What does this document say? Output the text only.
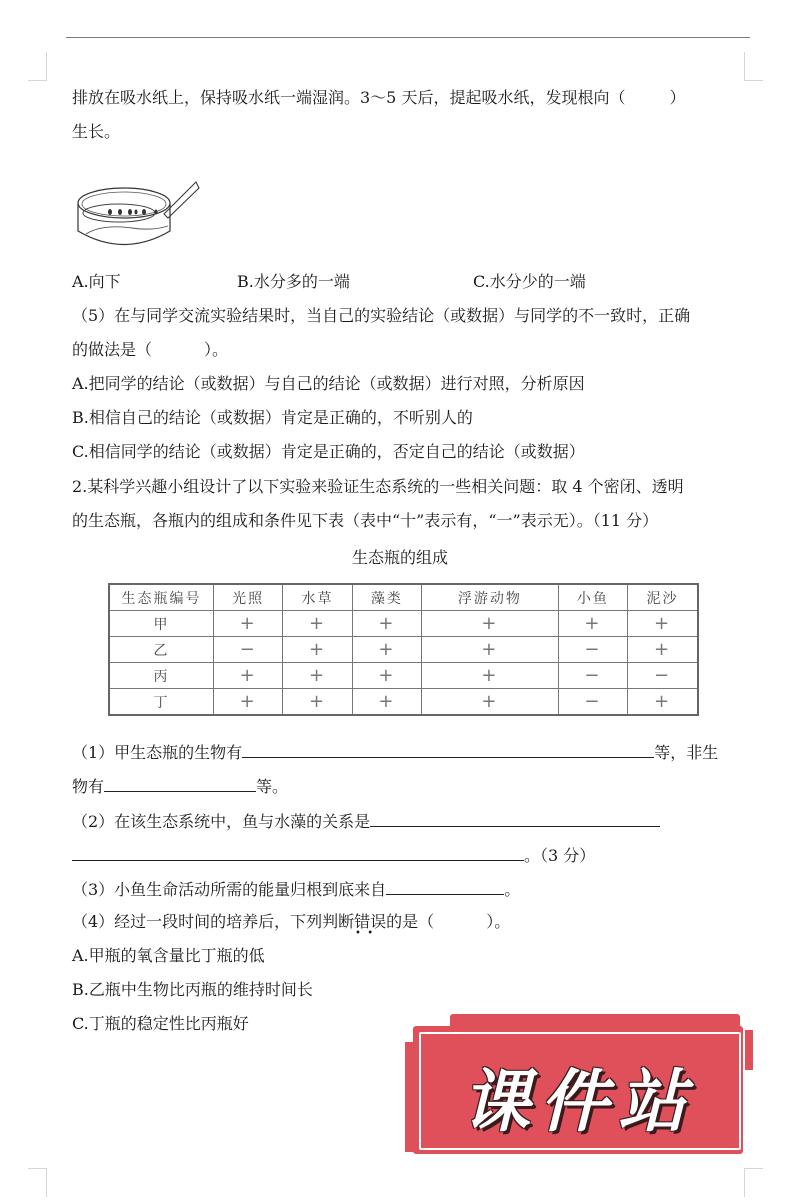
排放在吸水纸上，保持吸水纸一端湿润。3～5 天后，提起吸水纸，发现根向（	）
生长。
A.向下	B.水分多的一端	C.水分少的一端
（5）在与同学交流实验结果时，当自己的实验结论（或数据）与同学的不一致时，正确
的做法是（	）。
A.把同学的结论（或数据）与自己的结论（或数据）进行对照，分析原因
B.相信自己的结论（或数据）肯定是正确的，不听别人的
C.相信同学的结论（或数据）肯定是正确的，否定自己的结论（或数据）
2.某科学兴趣小组设计了以下实验来验证生态系统的一些相关问题：取 4 个密闭、透明
的生态瓶，各瓶内的组成和条件见下表（表中“十”表示有，“一”表示无）。（11 分）
生态瓶的组成
生态瓶编号	光照	水草	藻类	浮游动物	小鱼	泥沙
甲	+	+	+	+	+	+
乙	−	+	+	+	−	+
丙	+	+	+	+	−	−
丁	+	+	+	+	−	+
（1）甲生态瓶的生物有	等，非生
物有	等。
（2）在该生态系统中，鱼与水藻的关系是
。（3 分）
（3）小鱼生命活动所需的能量归根到底来自	。
（4）经过一段时间的培养后，下列判断错误的是（	）。
•  •
A.甲瓶的氧含量比丁瓶的低
B.乙瓶中生物比丙瓶的维持时间长
C.丁瓶的稳定性比丙瓶好
课件站
